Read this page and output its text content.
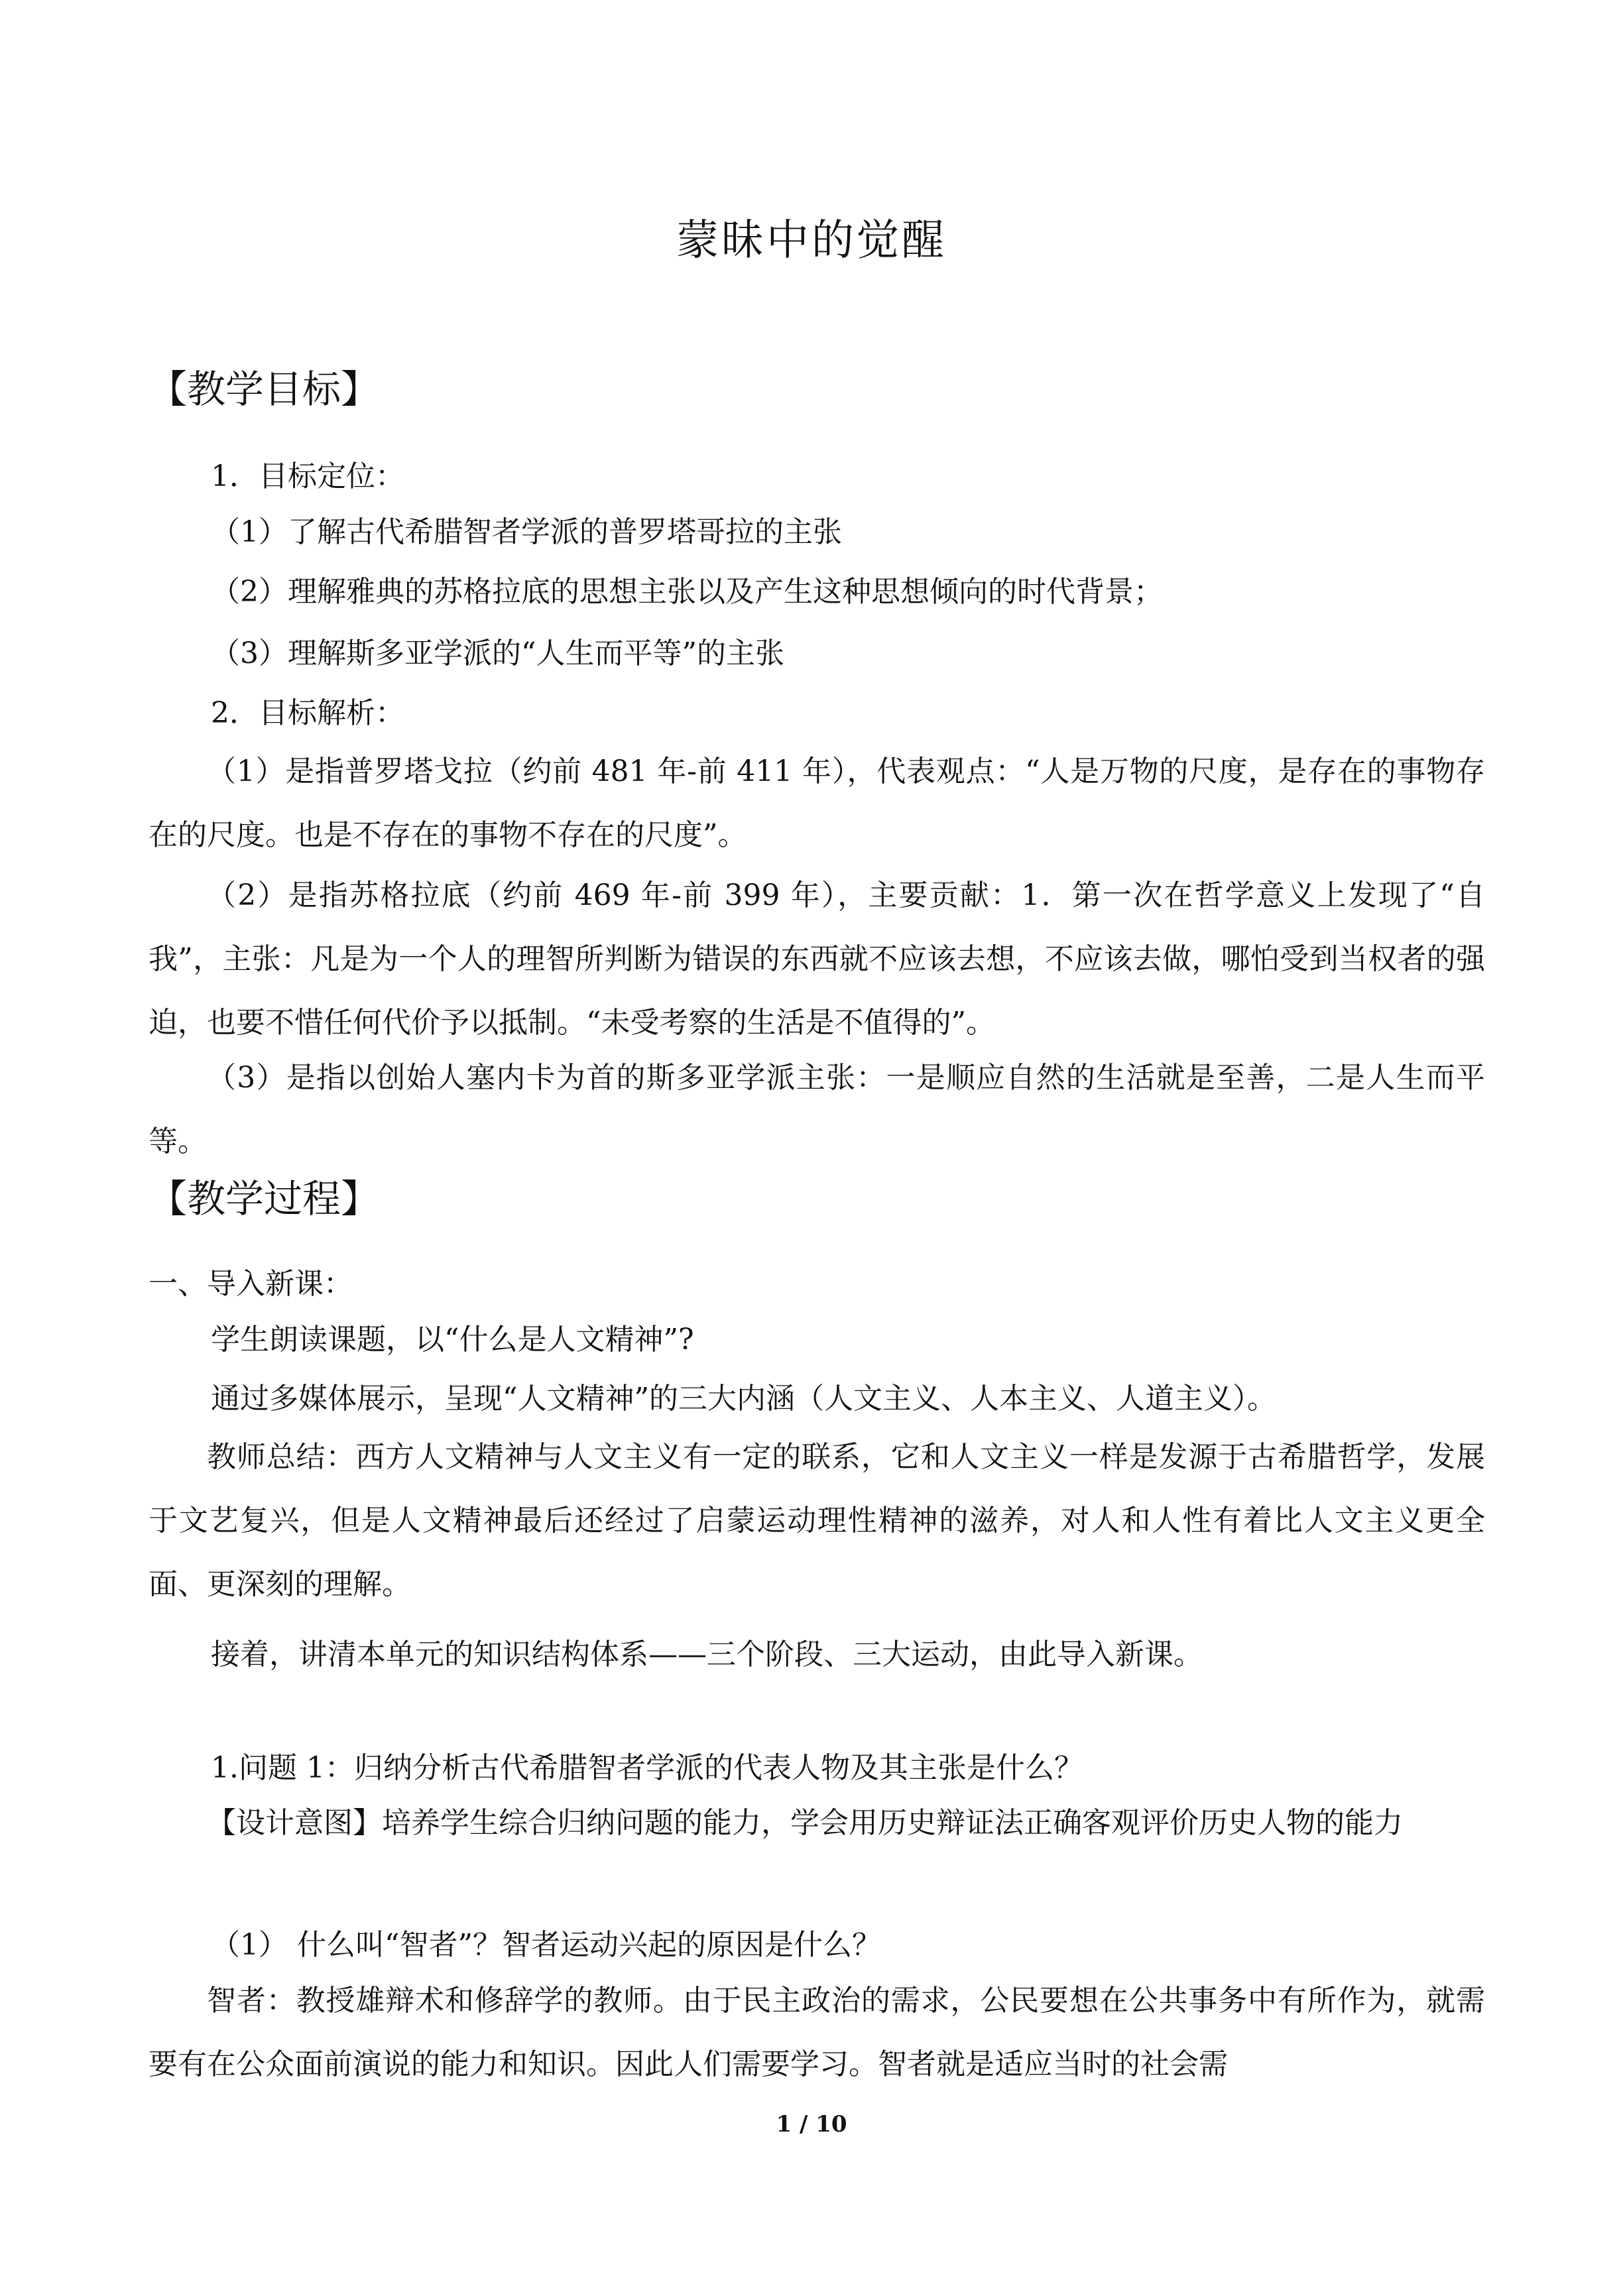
蒙昧中的觉醒
【教学目标】
1．目标定位：
（1）了解古代希腊智者学派的普罗塔哥拉的主张
（2）理解雅典的苏格拉底的思想主张以及产生这种思想倾向的时代背景；
（3）理解斯多亚学派的“人生而平等”的主张
2．目标解析：
（1）是指普罗塔戈拉（约前 481 年-前 411 年），代表观点：“人是万物的尺度，是存在的事物存在的尺度。也是不存在的事物不存在的尺度”。
（2）是指苏格拉底（约前 469 年-前 399 年），主要贡献：1．第一次在哲学意义上发现了“自我”，主张：凡是为一个人的理智所判断为错误的东西就不应该去想，不应该去做，哪怕受到当权者的强迫，也要不惜任何代价予以抵制。“未受考察的生活是不值得的”。
（3）是指以创始人塞内卡为首的斯多亚学派主张：一是顺应自然的生活就是至善，二是人生而平等。
【教学过程】
一、导入新课：
学生朗读课题，以“什么是人文精神”?
通过多媒体展示，呈现“人文精神”的三大内涵（人文主义、人本主义、人道主义）。
教师总结：西方人文精神与人文主义有一定的联系，它和人文主义一样是发源于古希腊哲学，发展于文艺复兴，但是人文精神最后还经过了启蒙运动理性精神的滋养，对人和人性有着比人文主义更全面、更深刻的理解。
接着，讲清本单元的知识结构体系——三个阶段、三大运动，由此导入新课。
1.问题 1：归纳分析古代希腊智者学派的代表人物及其主张是什么？
【设计意图】培养学生综合归纳问题的能力，学会用历史辩证法正确客观评价历史人物的能力
（1） 什么叫“智者”？智者运动兴起的原因是什么？
智者：教授雄辩术和修辞学的教师。由于民主政治的需求，公民要想在公共事务中有所作为，就需要有在公众面前演说的能力和知识。因此人们需要学习。智者就是适应当时的社会需
1 / 10
